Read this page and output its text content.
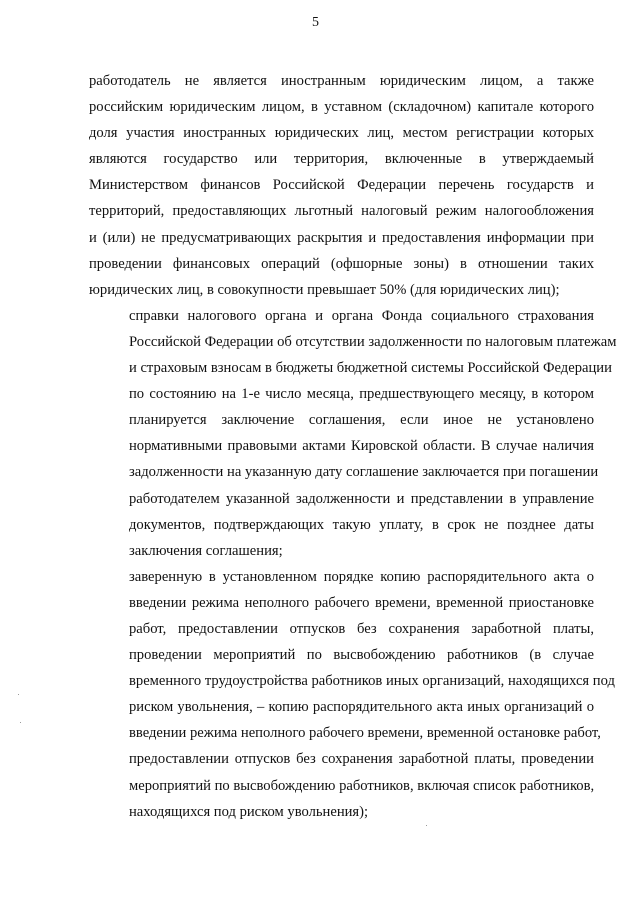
5

работодатель не является иностранным юридическим лицом, а также
российским юридическим лицом, в уставном (складочном) капитале которого
доля участия иностранных юридических лиц, местом регистрации которых
являются государство или территория, включенные в утверждаемый
Министерством финансов Российской Федерации перечень государств и
территорий, предоставляющих льготный налоговый режим налогообложения
и (или) не предусматривающих раскрытия и предоставления информации при
проведении финансовых операций (офшорные зоны) в отношении таких
юридических лиц, в совокупности превышает 50% (для юридических лиц);

справки налогового органа и органа Фонда социального страхования
Российской Федерации об отсутствии задолженности по налоговым платежам
и страховым взносам в бюджеты бюджетной системы Российской Федерации
по состоянию на 1-е число месяца, предшествующего месяцу, в котором
планируется заключение соглашения, если иное не установлено
нормативными правовыми актами Кировской области. В случае наличия
задолженности на указанную дату соглашение заключается при погашении
работодателем указанной задолженности и представлении в управление
документов, подтверждающих такую уплату, в срок не позднее даты
заключения соглашения;

заверенную в установленном порядке копию распорядительного акта о
введении режима неполного рабочего времени, временной приостановке
работ, предоставлении отпусков без сохранения заработной платы,
проведении мероприятий по высвобождению работников (в случае
временного трудоустройства работников иных организаций, находящихся под
риском увольнения, – копию распорядительного акта иных организаций о
введении режима неполного рабочего времени, временной остановке работ,
предоставлении отпусков без сохранения заработной платы, проведении
мероприятий по высвобождению работников, включая список работников,
находящихся под риском увольнения);
